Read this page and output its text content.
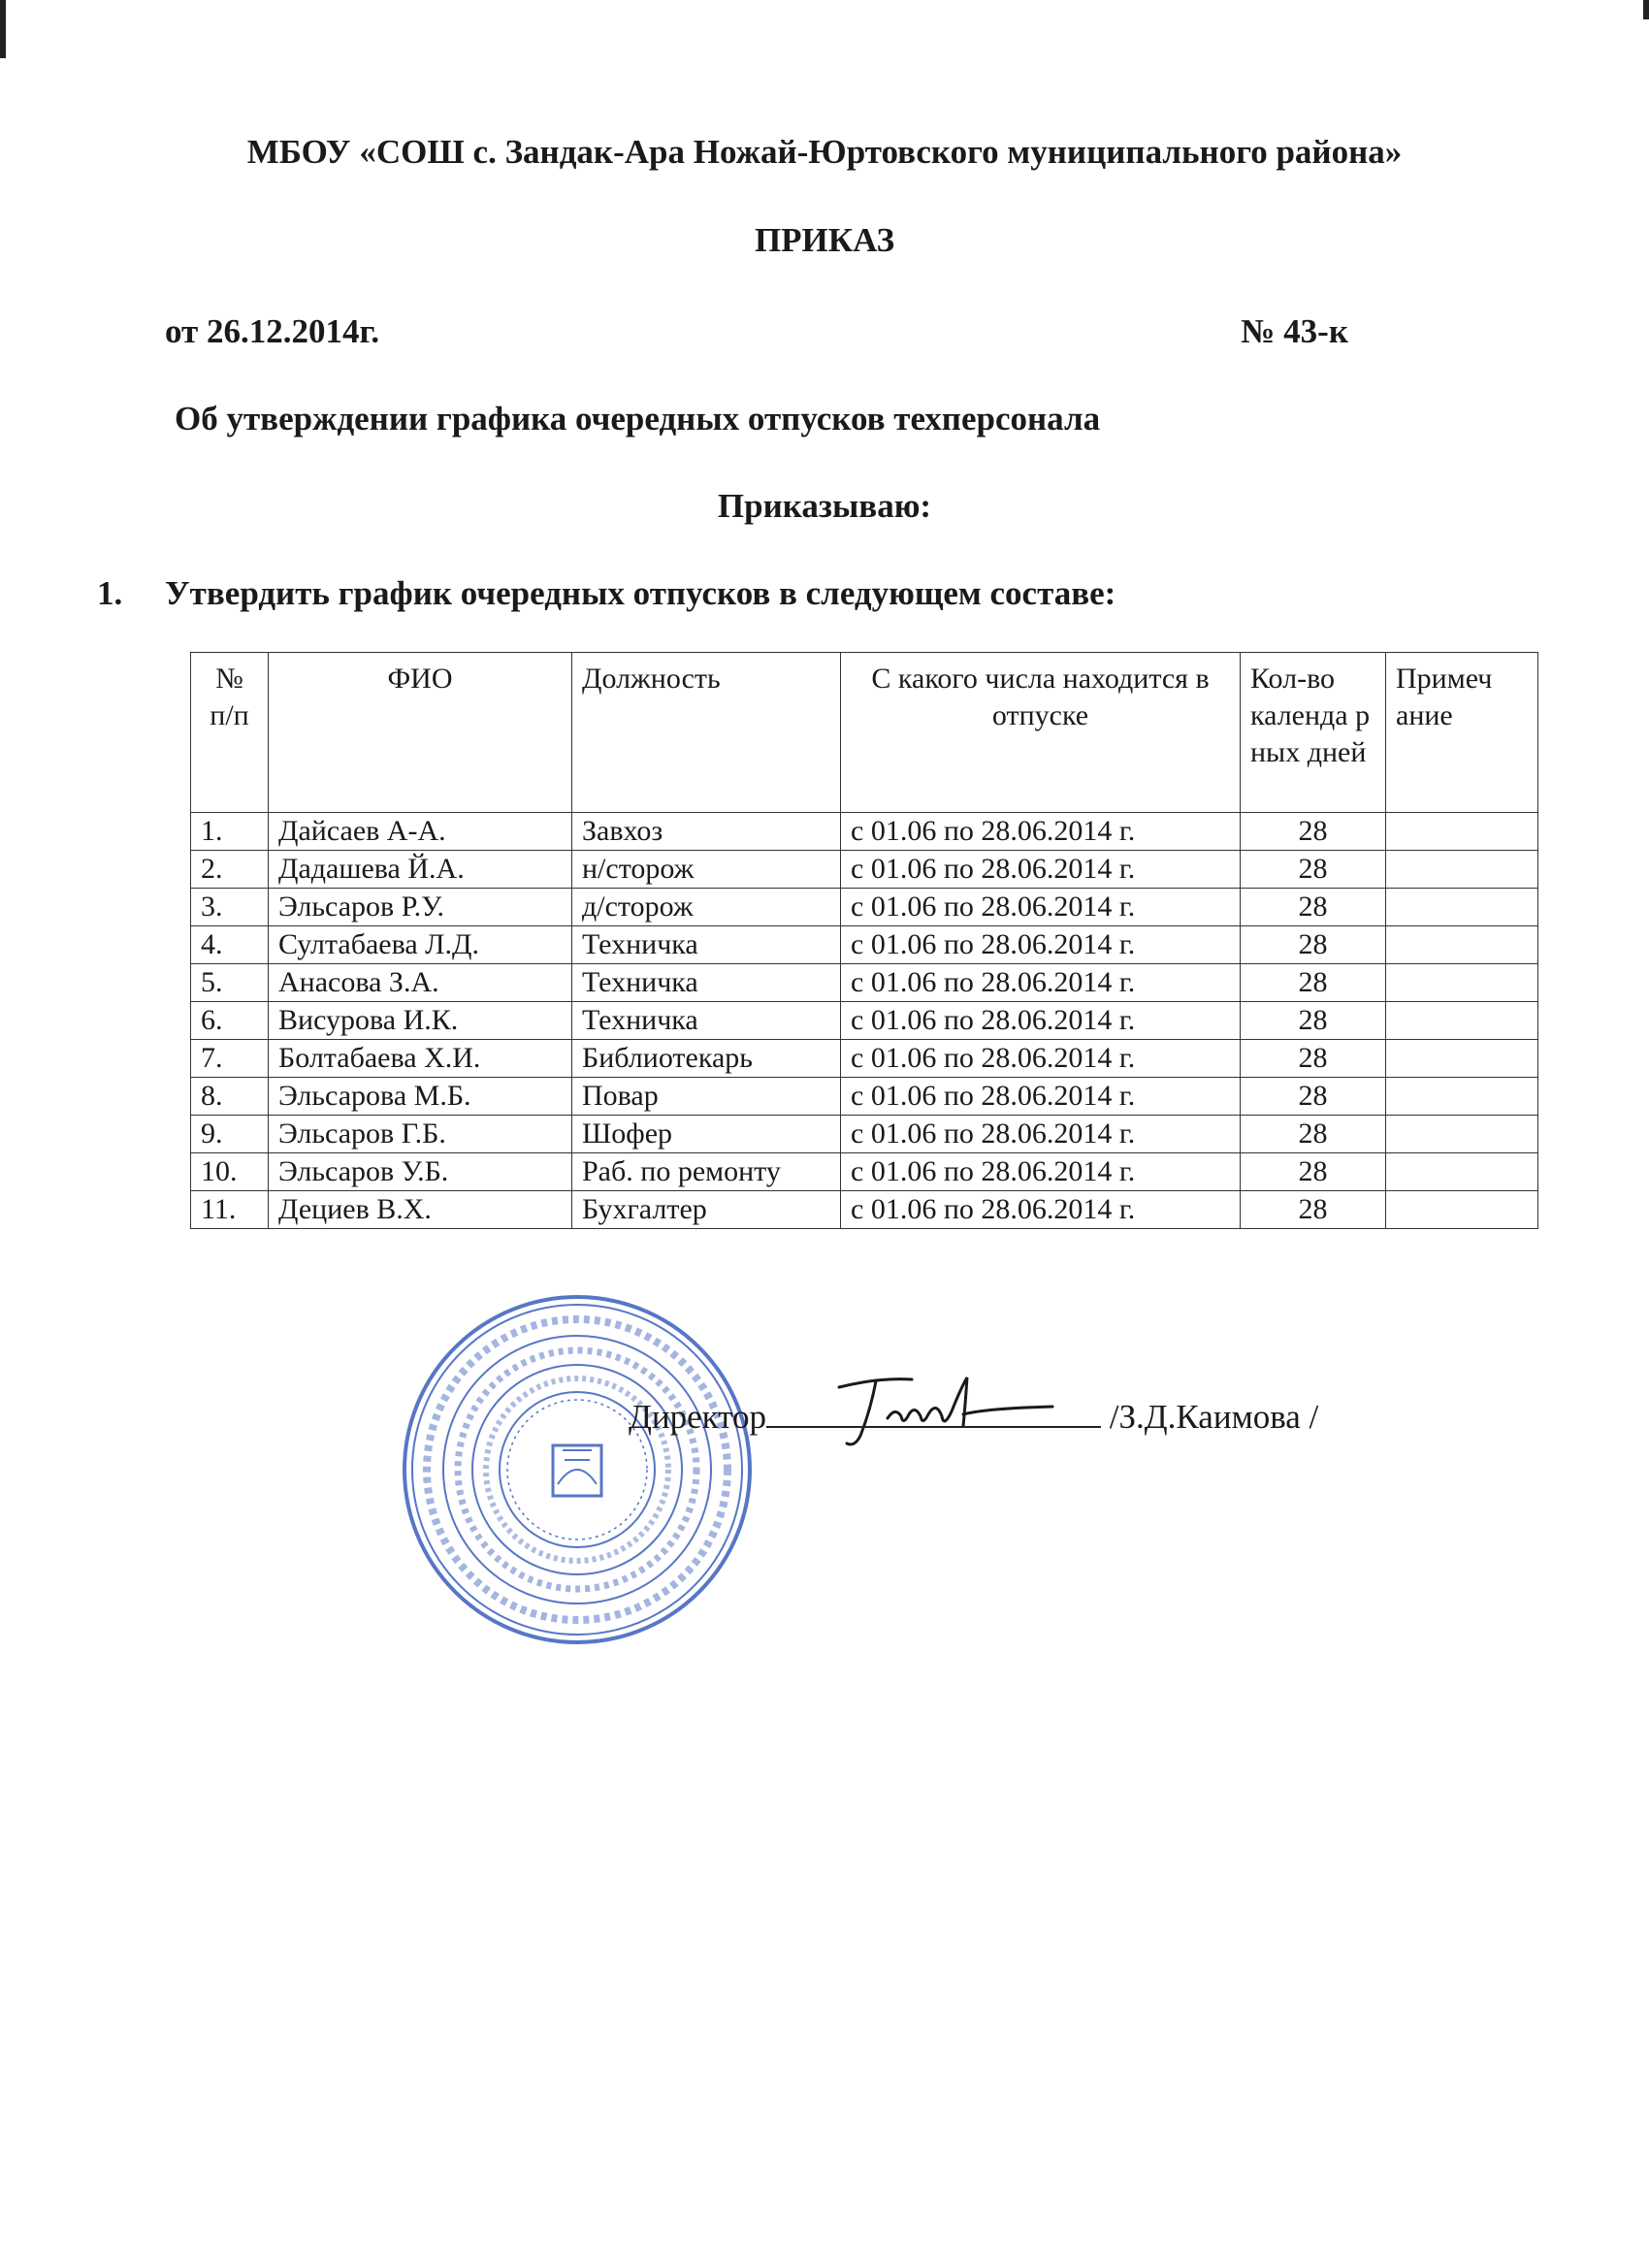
МБОУ «СОШ с. Зандак-Ара Ножай-Юртовского муниципального района»
ПРИКАЗ
от 26.12.2014г.	№ 43-к
Об утверждении графика очередных отпусков техперсонала
Приказываю:
1. Утвердить график очередных отпусков в следующем составе:
№ п/п	ФИО	Должность	С какого числа находится в отпуске	Кол-во календа р ных дней	Примеч ание
1.	Дайсаев А-А.	Завхоз	с 01.06 по 28.06.2014 г.	28	
2.	Дадашева Й.А.	н/сторож	с 01.06 по 28.06.2014 г.	28	
3.	Эльсаров Р.У.	д/сторож	с 01.06 по 28.06.2014 г.	28	
4.	Султабаева Л.Д.	Техничка	с 01.06 по 28.06.2014 г.	28	
5.	Анасова З.А.	Техничка	с 01.06 по 28.06.2014 г.	28	
6.	Висурова И.К.	Техничка	с 01.06 по 28.06.2014 г.	28	
7.	Болтабаева Х.И.	Библиотекарь	с 01.06 по 28.06.2014 г.	28	
8.	Эльсарова М.Б.	Повар	с 01.06 по 28.06.2014 г.	28	
9.	Эльсаров Г.Б.	Шофер	с 01.06 по 28.06.2014 г.	28	
10.	Эльсаров У.Б.	Раб. по ремонту	с 01.06 по 28.06.2014 г.	28	
11.	Дециев В.Х.	Бухгалтер	с 01.06 по 28.06.2014 г.	28	
Директор	/З.Д.Каимова /
